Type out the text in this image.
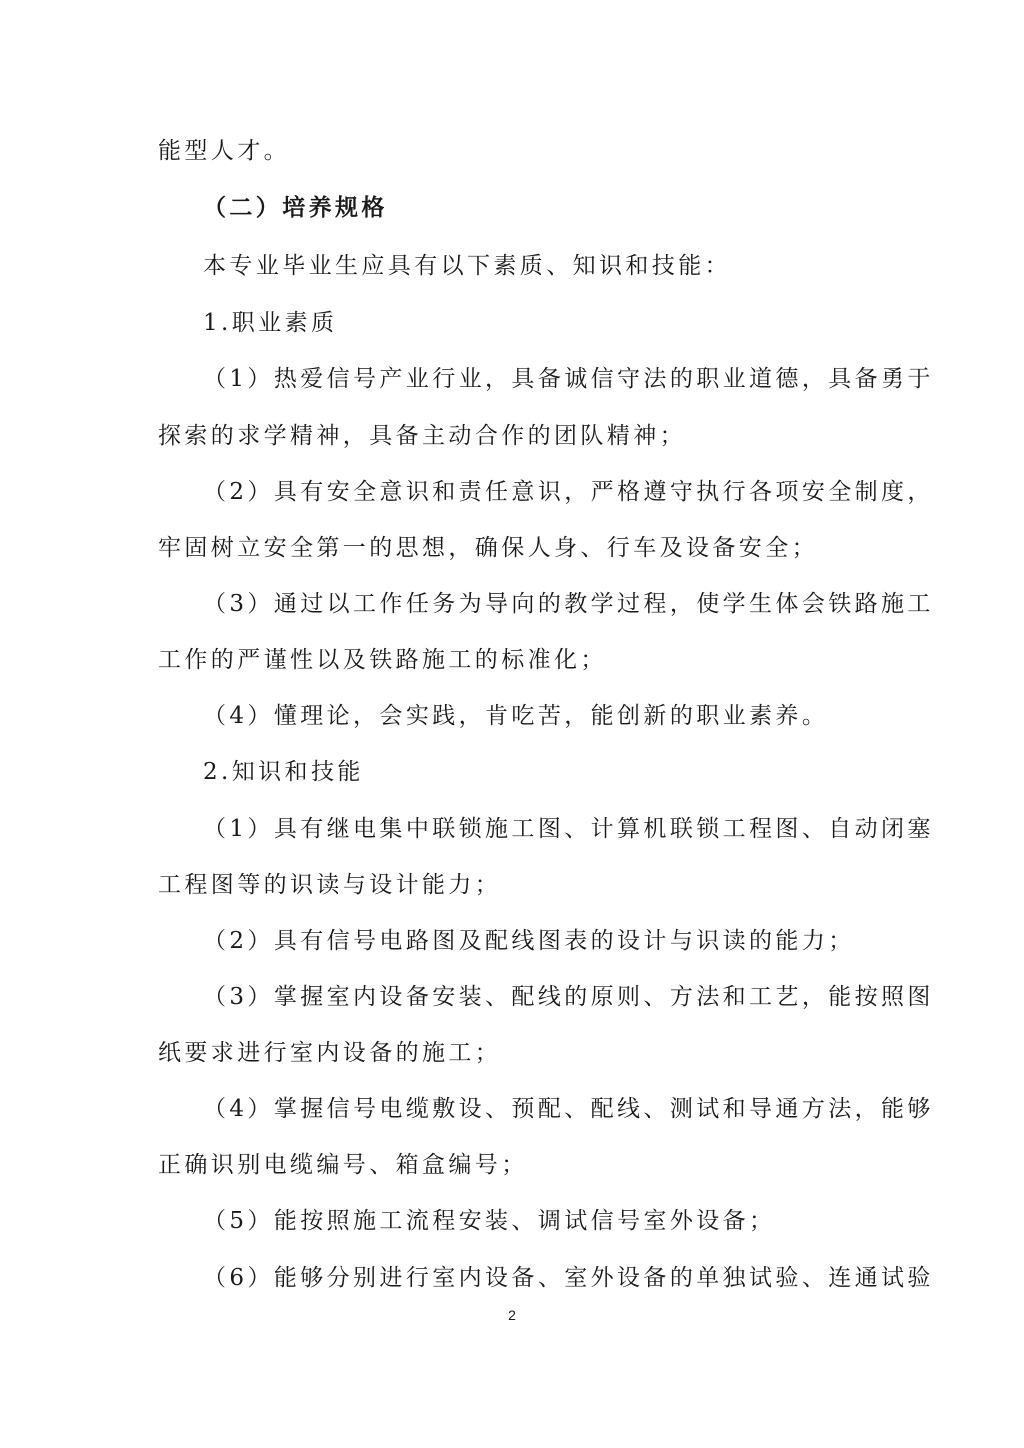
能型人才。
（二）培养规格
本专业毕业生应具有以下素质、知识和技能：
1.职业素质
（1）热爱信号产业行业，具备诚信守法的职业道德，具备勇于
探索的求学精神，具备主动合作的团队精神；
（2）具有安全意识和责任意识，严格遵守执行各项安全制度，
牢固树立安全第一的思想，确保人身、行车及设备安全；
（3）通过以工作任务为导向的教学过程，使学生体会铁路施工
工作的严谨性以及铁路施工的标准化；
（4）懂理论，会实践，肯吃苦，能创新的职业素养。
2.知识和技能
（1）具有继电集中联锁施工图、计算机联锁工程图、自动闭塞
工程图等的识读与设计能力；
（2）具有信号电路图及配线图表的设计与识读的能力；
（3）掌握室内设备安装、配线的原则、方法和工艺，能按照图
纸要求进行室内设备的施工；
（4）掌握信号电缆敷设、预配、配线、测试和导通方法，能够
正确识别电缆编号、箱盒编号；
（5）能按照施工流程安装、调试信号室外设备；
（6）能够分别进行室内设备、室外设备的单独试验、连通试验
2
